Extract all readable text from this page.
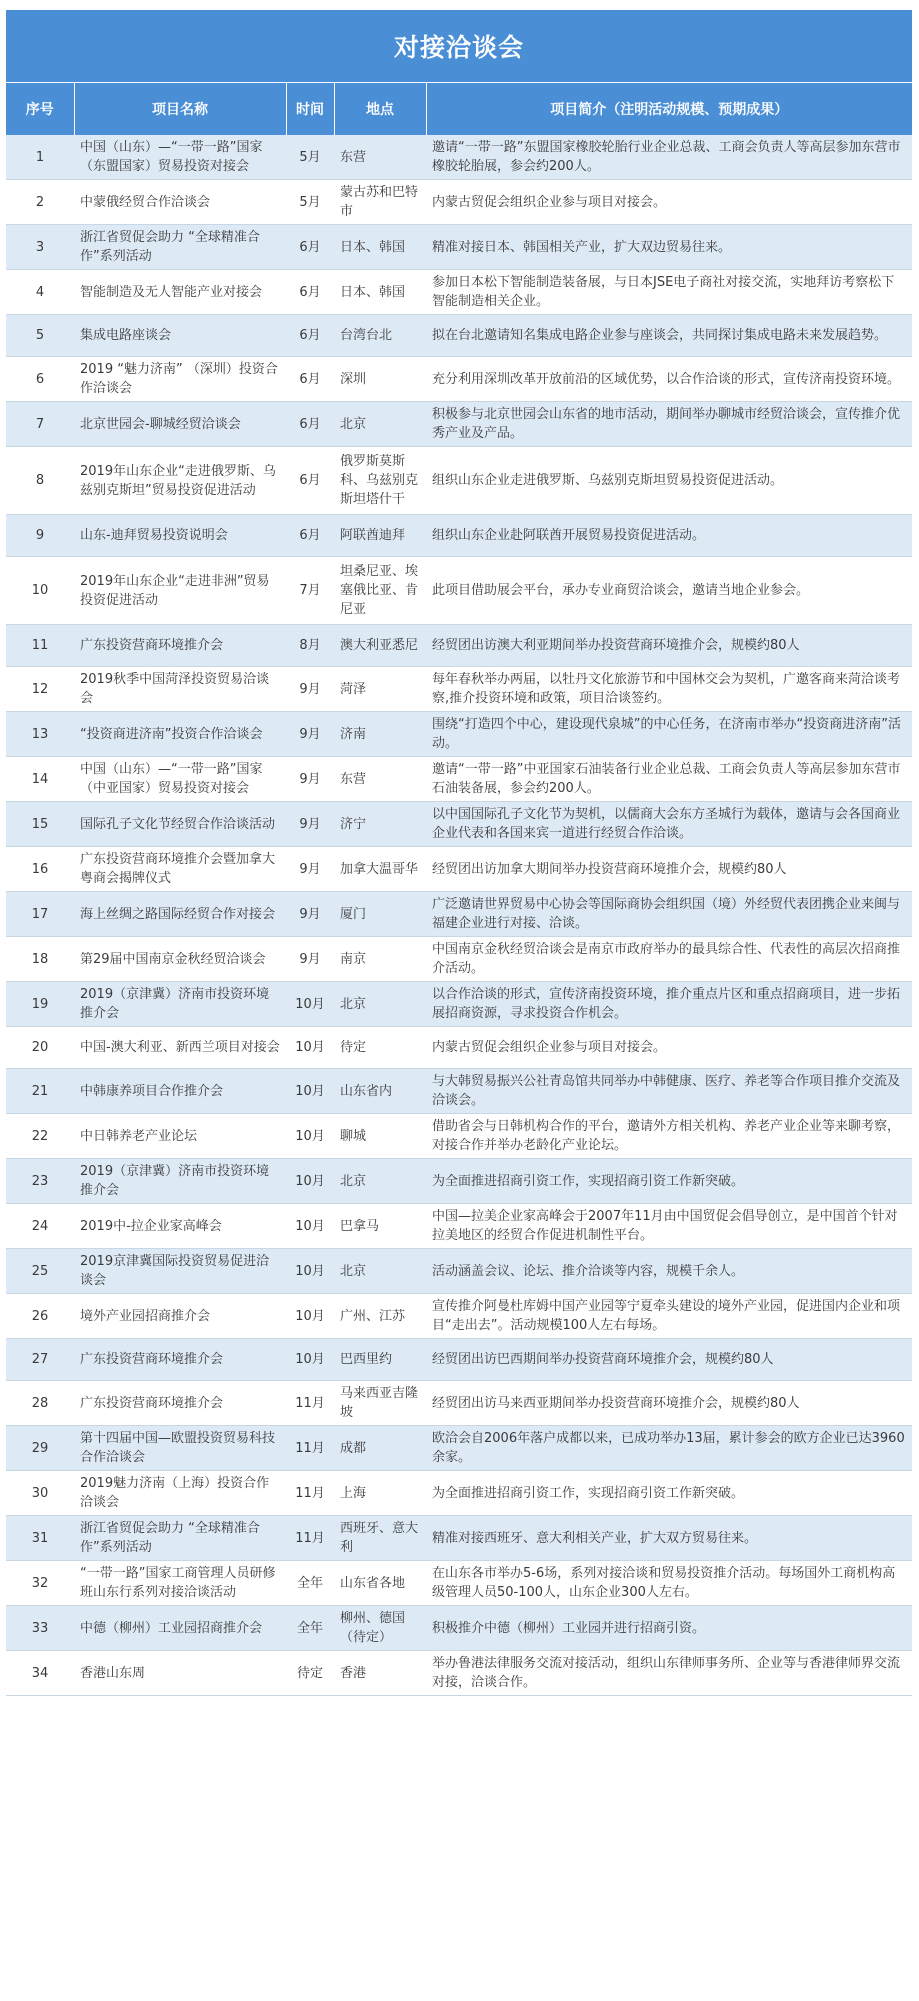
对接洽谈会
序号	项目名称	时间	地点	项目简介（注明活动规模、预期成果）
1	中国（山东）—“一带一路”国家（东盟国家）贸易投资对接会	5月	东营	邀请“一带一路”东盟国家橡胶轮胎行业企业总裁、工商会负责人等高层参加东营市橡胶轮胎展，参会约200人。
2	中蒙俄经贸合作洽谈会	5月	蒙古苏和巴特市	内蒙古贸促会组织企业参与项目对接会。
3	浙江省贸促会助力 “全球精准合作”系列活动	6月	日本、韩国	精准对接日本、韩国相关产业，扩大双边贸易往来。
4	智能制造及无人智能产业对接会	6月	日本、韩国	参加日本松下智能制造装备展，与日本JSE电子商社对接交流，实地拜访考察松下智能制造相关企业。
5	集成电路座谈会	6月	台湾台北	拟在台北邀请知名集成电路企业参与座谈会，共同探讨集成电路未来发展趋势。
6	2019 “魅力济南” （深圳）投资合作洽谈会	6月	深圳	充分利用深圳改革开放前沿的区域优势，以合作洽谈的形式，宣传济南投资环境。
7	北京世园会-聊城经贸洽谈会	6月	北京	积极参与北京世园会山东省的地市活动，期间举办聊城市经贸洽谈会，宣传推介优秀产业及产品。
8	2019年山东企业“走进俄罗斯、乌兹别克斯坦”贸易投资促进活动	6月	俄罗斯莫斯科、乌兹别克斯坦塔什干	组织山东企业走进俄罗斯、乌兹别克斯坦贸易投资促进活动。
9	山东-迪拜贸易投资说明会	6月	阿联酋迪拜	组织山东企业赴阿联酋开展贸易投资促进活动。
10	2019年山东企业“走进非洲”贸易投资促进活动	7月	坦桑尼亚、埃塞俄比亚、肯尼亚	此项目借助展会平台，承办专业商贸洽谈会，邀请当地企业参会。
11	广东投资营商环境推介会	8月	澳大利亚悉尼	经贸团出访澳大利亚期间举办投资营商环境推介会，规模约80人
12	2019秋季中国菏泽投资贸易洽谈会	9月	菏泽	每年春秋举办两届，以牡丹文化旅游节和中国林交会为契机，广邀客商来菏洽谈考察,推介投资环境和政策，项目洽谈签约。
13	“投资商进济南”投资合作洽谈会	9月	济南	围绕“打造四个中心，建设现代泉城”的中心任务，在济南市举办“投资商进济南”活动。
14	中国（山东）—“一带一路”国家（中亚国家）贸易投资对接会	9月	东营	邀请“一带一路”中亚国家石油装备行业企业总裁、工商会负责人等高层参加东营市石油装备展，参会约200人。
15	国际孔子文化节经贸合作洽谈活动	9月	济宁	以中国国际孔子文化节为契机，以儒商大会东方圣城行为载体，邀请与会各国商业企业代表和各国来宾一道进行经贸合作洽谈。
16	广东投资营商环境推介会暨加拿大粤商会揭牌仪式	9月	加拿大温哥华	经贸团出访加拿大期间举办投资营商环境推介会，规模约80人
17	海上丝绸之路国际经贸合作对接会	9月	厦门	广泛邀请世界贸易中心协会等国际商协会组织国（境）外经贸代表团携企业来闽与福建企业进行对接、洽谈。
18	第29届中国南京金秋经贸洽谈会	9月	南京	中国南京金秋经贸洽谈会是南京市政府举办的最具综合性、代表性的高层次招商推介活动。
19	2019（京津冀）济南市投资环境推介会	10月	北京	以合作洽谈的形式，宣传济南投资环境，推介重点片区和重点招商项目，进一步拓展招商资源，寻求投资合作机会。
20	中国-澳大利亚、新西兰项目对接会	10月	待定	内蒙古贸促会组织企业参与项目对接会。
21	中韩康养项目合作推介会	10月	山东省内	与大韩贸易振兴公社青岛馆共同举办中韩健康、医疗、养老等合作项目推介交流及洽谈会。
22	中日韩养老产业论坛	10月	聊城	借助省会与日韩机构合作的平台，邀请外方相关机构、养老产业企业等来聊考察，对接合作并举办老龄化产业论坛。
23	2019（京津冀）济南市投资环境推介会	10月	北京	为全面推进招商引资工作，实现招商引资工作新突破。
24	2019中-拉企业家高峰会	10月	巴拿马	中国—拉美企业家高峰会于2007年11月由中国贸促会倡导创立，是中国首个针对拉美地区的经贸合作促进机制性平台。
25	2019京津冀国际投资贸易促进洽谈会	10月	北京	活动涵盖会议、论坛、推介洽谈等内容，规模千余人。
26	境外产业园招商推介会	10月	广州、江苏	宣传推介阿曼杜库姆中国产业园等宁夏牵头建设的境外产业园，促进国内企业和项目“走出去”。活动规模100人左右每场。
27	广东投资营商环境推介会	10月	巴西里约	经贸团出访巴西期间举办投资营商环境推介会，规模约80人
28	广东投资营商环境推介会	11月	马来西亚吉隆坡	经贸团出访马来西亚期间举办投资营商环境推介会，规模约80人
29	第十四届中国—欧盟投资贸易科技合作洽谈会	11月	成都	欧洽会自2006年落户成都以来，已成功举办13届，累计参会的欧方企业已达3960余家。
30	2019魅力济南（上海）投资合作洽谈会	11月	上海	为全面推进招商引资工作，实现招商引资工作新突破。
31	浙江省贸促会助力 “全球精准合作”系列活动	11月	西班牙、意大利	精准对接西班牙、意大利相关产业，扩大双方贸易往来。
32	“一带一路”国家工商管理人员研修班山东行系列对接洽谈活动	全年	山东省各地	在山东各市举办5-6场，系列对接洽谈和贸易投资推介活动。每场国外工商机构高级管理人员50-100人，山东企业300人左右。
33	中德（柳州）工业园招商推介会	全年	柳州、德国（待定）	积极推介中德（柳州）工业园并进行招商引资。
34	香港山东周	待定	香港	举办鲁港法律服务交流对接活动，组织山东律师事务所、企业等与香港律师界交流对接，洽谈合作。
